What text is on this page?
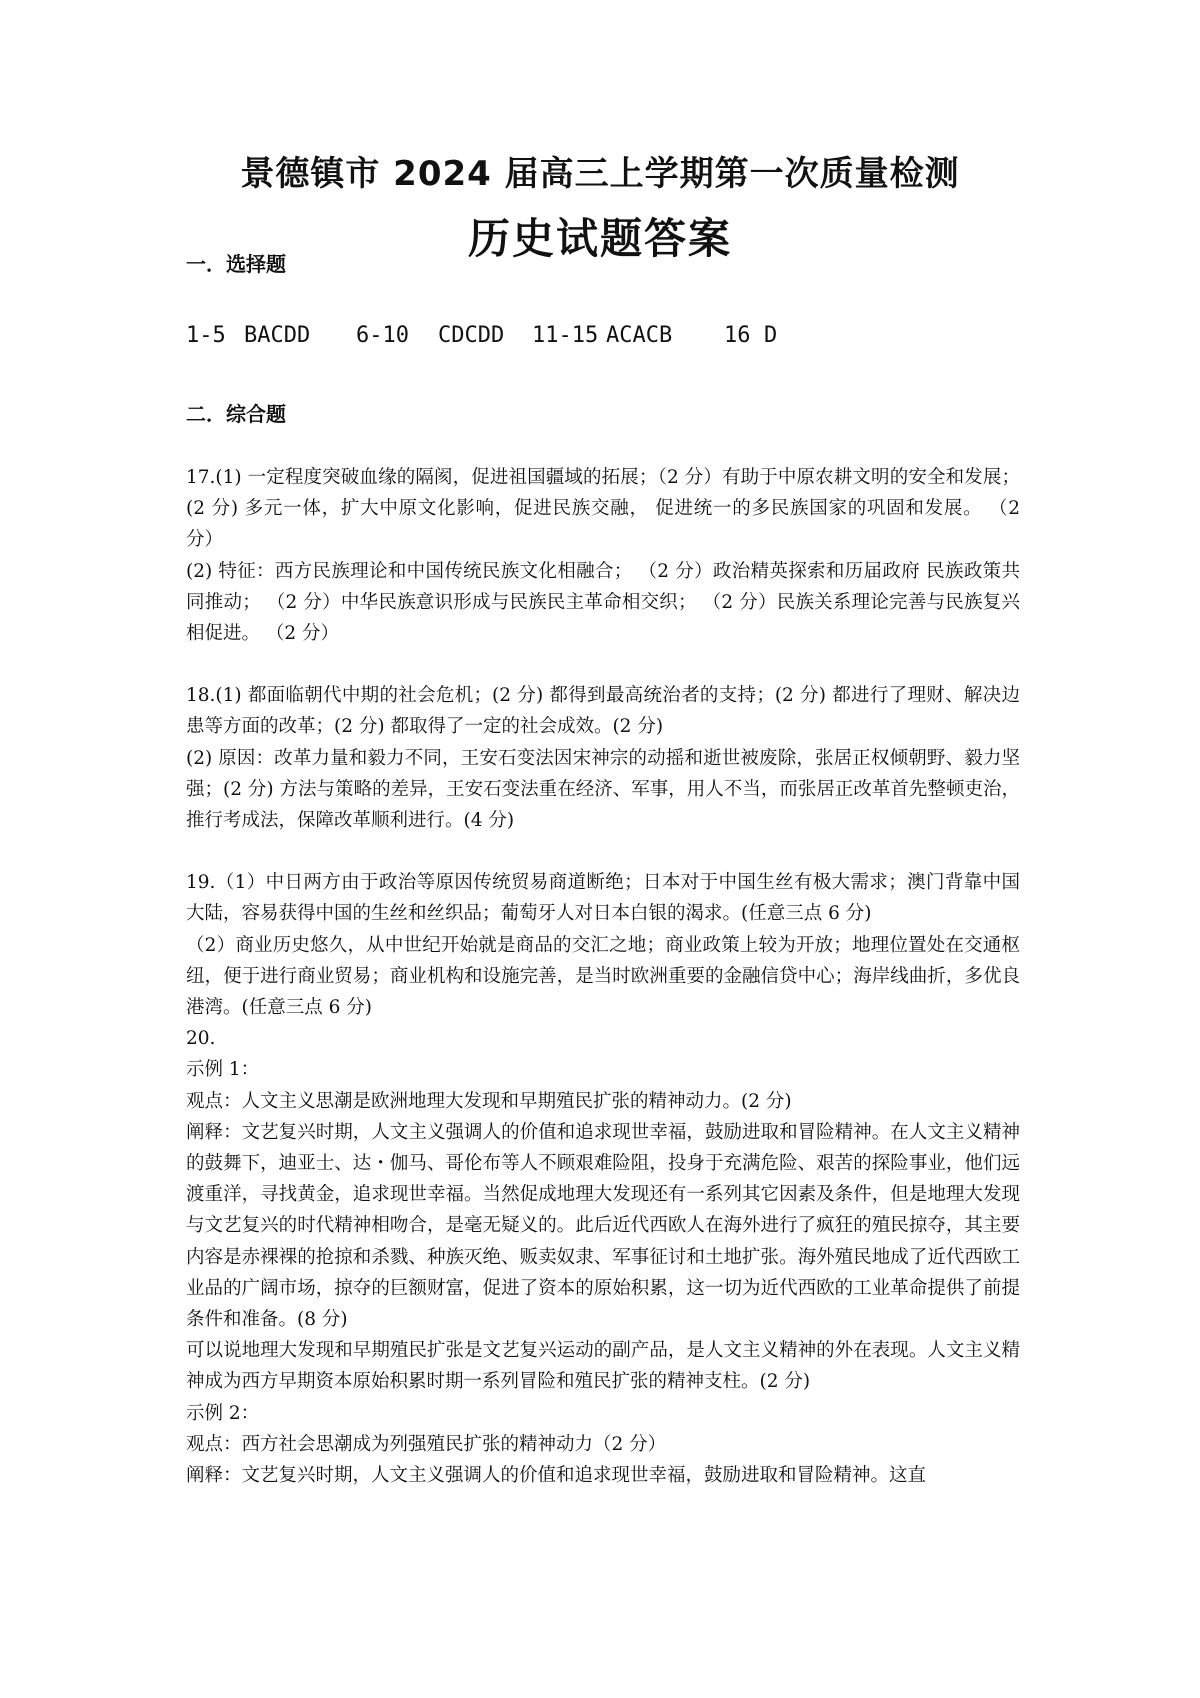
景德镇市 2024 届高三上学期第一次质量检测
历史试题答案
一．选择题
1-5 BACDD 6-10 CDCDD 11-15 ACACB 16 D
二．综合题

17.(1) 一定程度突破血缘的隔阂，促进祖国疆域的拓展；（2 分）有助于中原农耕文明的安全和发展；(2 分) 多元一体，扩大中原文化影响，促进民族交融， 促进统一的多民族国家的巩固和发展。 （2 分）

(2) 特征：西方民族理论和中国传统民族文化相融合； （2 分）政治精英探索和历届政府 民族政策共同推动； （2 分）中华民族意识形成与民族民主革命相交织； （2 分）民族关系理论完善与民族复兴相促进。 （2 分）

18.(1) 都面临朝代中期的社会危机；(2 分) 都得到最高统治者的支持；(2 分) 都进行了理财、解决边患等方面的改革；(2 分) 都取得了一定的社会成效。(2 分)

(2) 原因：改革力量和毅力不同，王安石变法因宋神宗的动摇和逝世被废除，张居正权倾朝野、毅力坚强；(2 分) 方法与策略的差异，王安石变法重在经济、军事，用人不当，而张居正改革首先整顿吏治，推行考成法，保障改革顺利进行。(4 分)

19.（1）中日两方由于政治等原因传统贸易商道断绝；日本对于中国生丝有极大需求；澳门背靠中国大陆，容易获得中国的生丝和丝织品；葡萄牙人对日本白银的渴求。(任意三点 6 分)

（2）商业历史悠久，从中世纪开始就是商品的交汇之地；商业政策上较为开放；地理位置处在交通枢纽，便于进行商业贸易；商业机构和设施完善，是当时欧洲重要的金融信贷中心；海岸线曲折，多优良港湾。(任意三点 6 分)

20.

示例 1：

观点：人文主义思潮是欧洲地理大发现和早期殖民扩张的精神动力。(2 分)

阐释：文艺复兴时期，人文主义强调人的价值和追求现世幸福，鼓励进取和冒险精神。在人文主义精神的鼓舞下，迪亚士、达・伽马、哥伦布等人不顾艰难险阻，投身于充满危险、艰苦的探险事业，他们远渡重洋，寻找黄金，追求现世幸福。当然促成地理大发现还有一系列其它因素及条件，但是地理大发现与文艺复兴的时代精神相吻合，是毫无疑义的。此后近代西欧人在海外进行了疯狂的殖民掠夺，其主要内容是赤裸裸的抢掠和杀戮、种族灭绝、贩卖奴隶、军事征讨和土地扩张。海外殖民地成了近代西欧工业品的广阔市场，掠夺的巨额财富，促进了资本的原始积累，这一切为近代西欧的工业革命提供了前提条件和准备。(8 分)

可以说地理大发现和早期殖民扩张是文艺复兴运动的副产品，是人文主义精神的外在表现。人文主义精神成为西方早期资本原始积累时期一系列冒险和殖民扩张的精神支柱。(2 分)

示例 2：

观点：西方社会思潮成为列强殖民扩张的精神动力（2 分）

阐释：文艺复兴时期，人文主义强调人的价值和追求现世幸福，鼓励进取和冒险精神。这直
